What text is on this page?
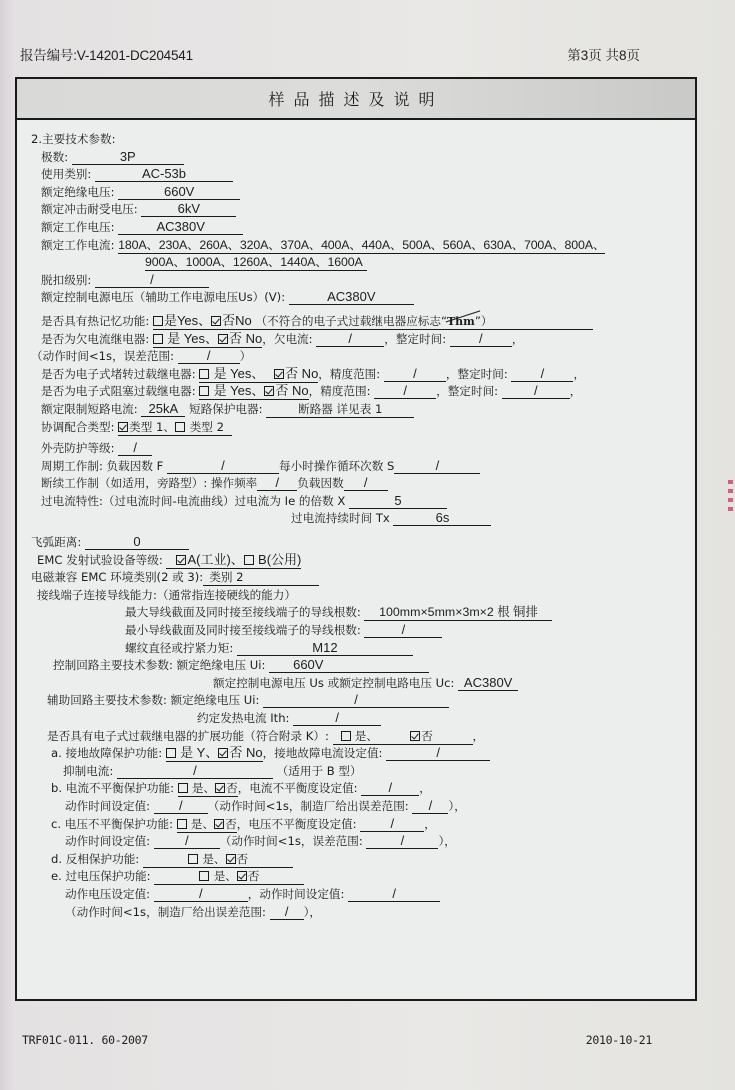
报告编号:V-14201-DC204541	第3页 共8页
样品描述及说明
2.主要技术参数:
极数:	3P
使用类别:	AC-53b
额定绝缘电压:	660V
额定冲击耐受电压:	6kV
额定工作电压:	AC380V
额定工作电流: 180A、230A、260A、320A、370A、400A、440A、500A、560A、630A、700A、800A、
900A、1000A、1260A、1440A、1600A
脱扣级别:	/
额定控制电源电压（辅助工作电源电压Us）(V):	AC380V
是否具有热记忆功能: 是Yes、 否No （不符合的电子式过载继电器应标志“Thm”）
是否为欠电流继电器: 是 Yes、 否 No，欠电流:	/	，整定时间:	/	，
（动作时间<1s，误差范围:	/	）
是否为电子式堵转过载继电器: 是 Yes、 否 No，精度范围:	/	，整定时间:	/	，
是否为电子式阻塞过载继电器: 是 Yes、 否 No，精度范围:	/	，整定时间:	/	，
额定限制短路电流: 25kA 短路保护电器:	断路器 详见表 1
协调配合类型: 类型 1、 类型 2
外壳防护等级: /
周期工作制: 负载因数 F	/	每小时操作循环次数 S	/
断续工作制（如适用，旁路型）: 操作频率 / 负载因数 /
过电流特性:（过电流时间-电流曲线）过电流为 Ie 的倍数 X	5
过电流持续时间 Tx	6s
飞弧距离:	0
EMC 发射试验设备等级: A(工业)、 B(公用)
电磁兼容 EMC 环境类别(2 或 3): 类别 2
接线端子连接导线能力:（通常指连接硬线的能力）
最大导线截面及同时接至接线端子的导线根数: 100mm×5mm×3m×2 根 铜排
最小导线截面及同时接至接线端子的导线根数:	/
螺纹直径或拧紧力矩:	M12
控制回路主要技术参数: 额定绝缘电压 Ui: 660V
额定控制电源电压 Us 或额定控制电路电压 Uc: AC380V
辅助回路主要技术参数: 额定绝缘电压 Ui:	/
约定发热电流 Ith:	/
是否具有电子式过载继电器的扩展功能（符合附录 K）: 是、	否	，
a. 接地故障保护功能: 是 Y、 否 No，接地故障电流设定值:	/
抑制电流:	/	（适用于 B 型）
b. 电流不平衡保护功能: 是、 否，电流不平衡度设定值: / ，
动作时间设定值: / （动作时间<1s，制造厂给出误差范围: / ），
c. 电压不平衡保护功能: 是、 否，电压不平衡度设定值:	/	，
动作时间设定值:	/	（动作时间<1s，误差范围:	/	），
d. 反相保护功能:	是、 否
e. 过电压保护功能:	是、 否
动作电压设定值:	/	，动作时间设定值:	/
（动作时间<1s，制造厂给出误差范围: / ），
TRF01C-011. 60-2007	2010-10-21
